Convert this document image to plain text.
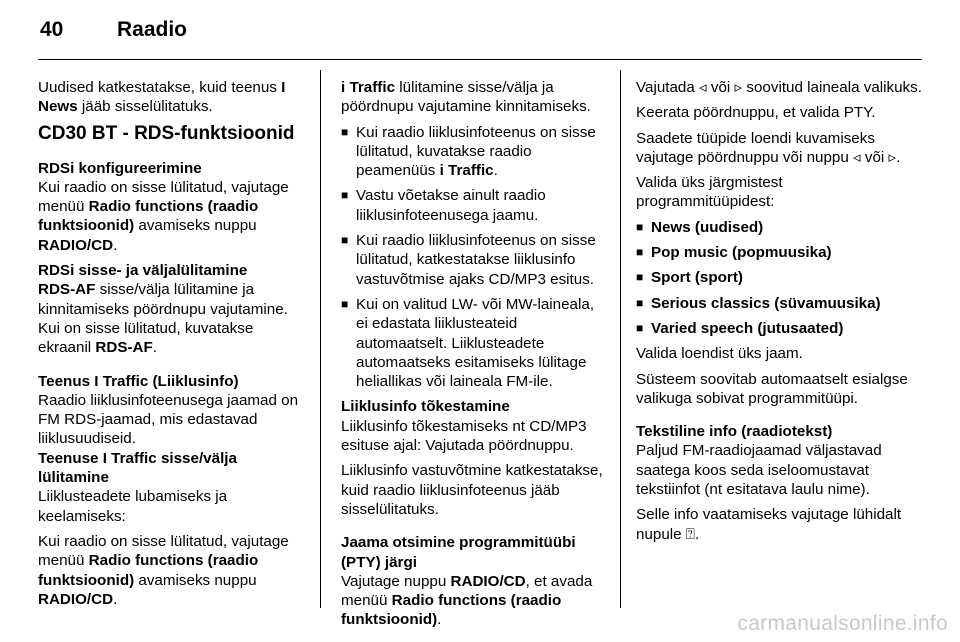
40	Raadio

Uudised katkestatakse, kuid teenus I News jääb sisselülitatuks.

CD30 BT - RDS-funktsioonid
RDSi konfigureerimine

Kui raadio on sisse lülitatud, vajutage menüü Radio functions (raadio funktsioonid) avamiseks nuppu RADIO/CD.

RDSi sisse- ja väljalülitamine

RDS-AF sisse/välja lülitamine ja kinnitamiseks pöördnupu vajutamine. Kui on sisse lülitatud, kuvatakse ekraanil RDS-AF.

Teenus I Traffic (Liiklusinfo)

Raadio liiklusinfoteenusega jaamad on FM RDS-jaamad, mis edastavad liiklusuudiseid.

Teenuse I Traffic sisse/välja lülitamine

Liiklusteadete lubamiseks ja keelamiseks:

Kui raadio on sisse lülitatud, vajutage menüü Radio functions (raadio funktsioonid) avamiseks nuppu RADIO/CD.

i Traffic lülitamine sisse/välja ja pöördnupu vajutamine kinnitamiseks.

■ Kui raadio liiklusinfoteenus on sisse lülitatud, kuvatakse raadio peamenüüs i Traffic.
■ Vastu võetakse ainult raadio liiklusinfoteenusega jaamu.
■ Kui raadio liiklusinfoteenus on sisse lülitatud, katkestatakse liiklusinfo vastuvõtmise ajaks CD/MP3 esitus.
■ Kui on valitud LW- või MW-laineala, ei edastata liiklusteateid automaatselt. Liiklusteadete automaatseks esitamiseks lülitage heliallikas või laineala FM-ile.
Liiklusinfo tõkestamine

Liiklusinfo tõkestamiseks nt CD/MP3 esituse ajal: Vajutada pöördnuppu.

Liiklusinfo vastuvõtmine katkestatakse, kuid raadio liiklusinfoteenus jääb sisselülitatuks.

Jaama otsimine programmitüübi (PTY) järgi

Vajutage nuppu RADIO/CD, et avada menüü Radio functions (raadio funktsioonid).

Vajutada ◃ või ▹ soovitud laineala valikuks.

Keerata pöördnuppu, et valida PTY.

Saadete tüüpide loendi kuvamiseks vajutage pöördnuppu või nuppu ◃ või ▹.

Valida üks järgmistest programmitüüpidest:

■ News (uudised)
■ Pop music (popmuusika)
■ Sport (sport)
■ Serious classics (süvamuusika)
■ Varied speech (jutusaated)

Valida loendist üks jaam.

Süsteem soovitab automaatselt esialgse valikuga sobivat programmitüüpi.

Tekstiline info (raadiotekst)

Paljud FM-raadiojaamad väljastavad saatega koos seda iseloomustavat tekstiinfot (nt esitatava laulu nime).

Selle info vaatamiseks vajutage lühidalt nupule ⍰.

carmanualsonline.info
